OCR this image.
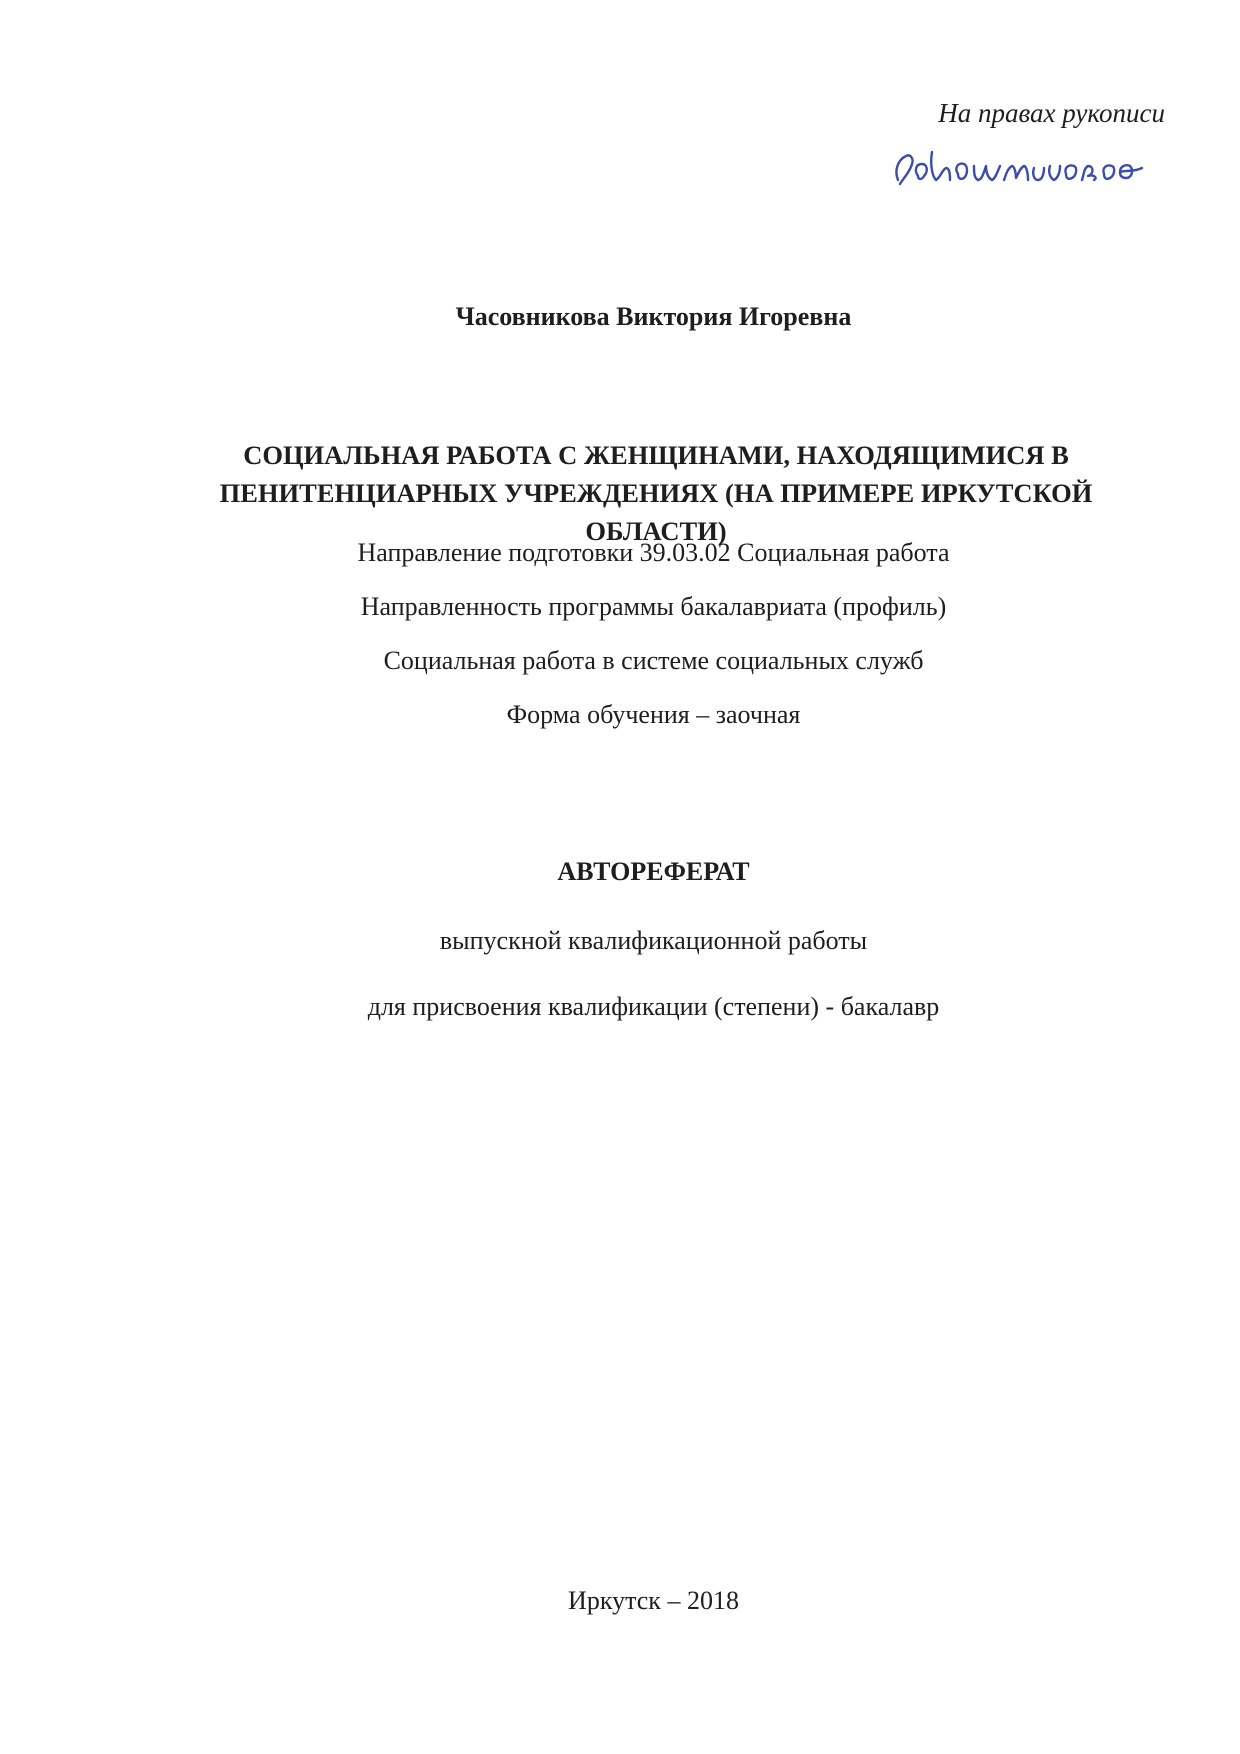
На правах рукописи
Часовникова Виктория Игоревна
СОЦИАЛЬНАЯ РАБОТА С ЖЕНЩИНАМИ, НАХОДЯЩИМИСЯ В ПЕНИТЕНЦИАРНЫХ УЧРЕЖДЕНИЯХ (НА ПРИМЕРЕ ИРКУТСКОЙ ОБЛАСТИ)
Направление подготовки 39.03.02 Социальная работа
Направленность программы бакалавриата (профиль)
Социальная работа в системе социальных служб
Форма обучения – заочная
АВТОРЕФЕРАТ
выпускной квалификационной работы
для присвоения квалификации (степени) - бакалавр
Иркутск – 2018
